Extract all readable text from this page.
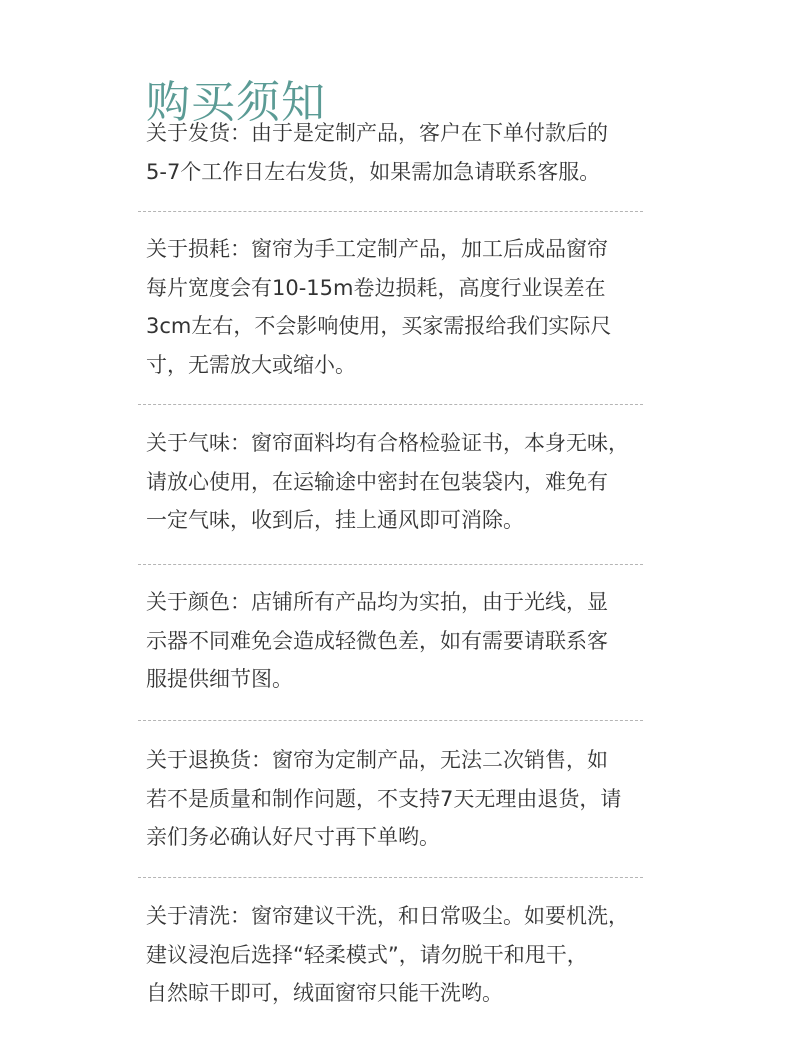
购买须知

关于发货：由于是定制产品，客户在下单付款后的

5-7个工作日左右发货，如果需加急请联系客服。

关于损耗：窗帘为手工定制产品，加工后成品窗帘

每片宽度会有10-15m卷边损耗，高度行业误差在

3cm左右，不会影响使用，买家需报给我们实际尺

寸，无需放大或缩小。

关于气味：窗帘面料均有合格检验证书，本身无味，

请放心使用，在运输途中密封在包装袋内，难免有

一定气味，收到后，挂上通风即可消除。

关于颜色：店铺所有产品均为实拍，由于光线，显

示器不同难免会造成轻微色差，如有需要请联系客

服提供细节图。

关于退换货：窗帘为定制产品，无法二次销售，如

若不是质量和制作问题，不支持7天无理由退货，请

亲们务必确认好尺寸再下单哟。

关于清洗：窗帘建议干洗，和日常吸尘。如要机洗，

建议浸泡后选择“轻柔模式”，请勿脱干和甩干，

自然晾干即可，绒面窗帘只能干洗哟。
